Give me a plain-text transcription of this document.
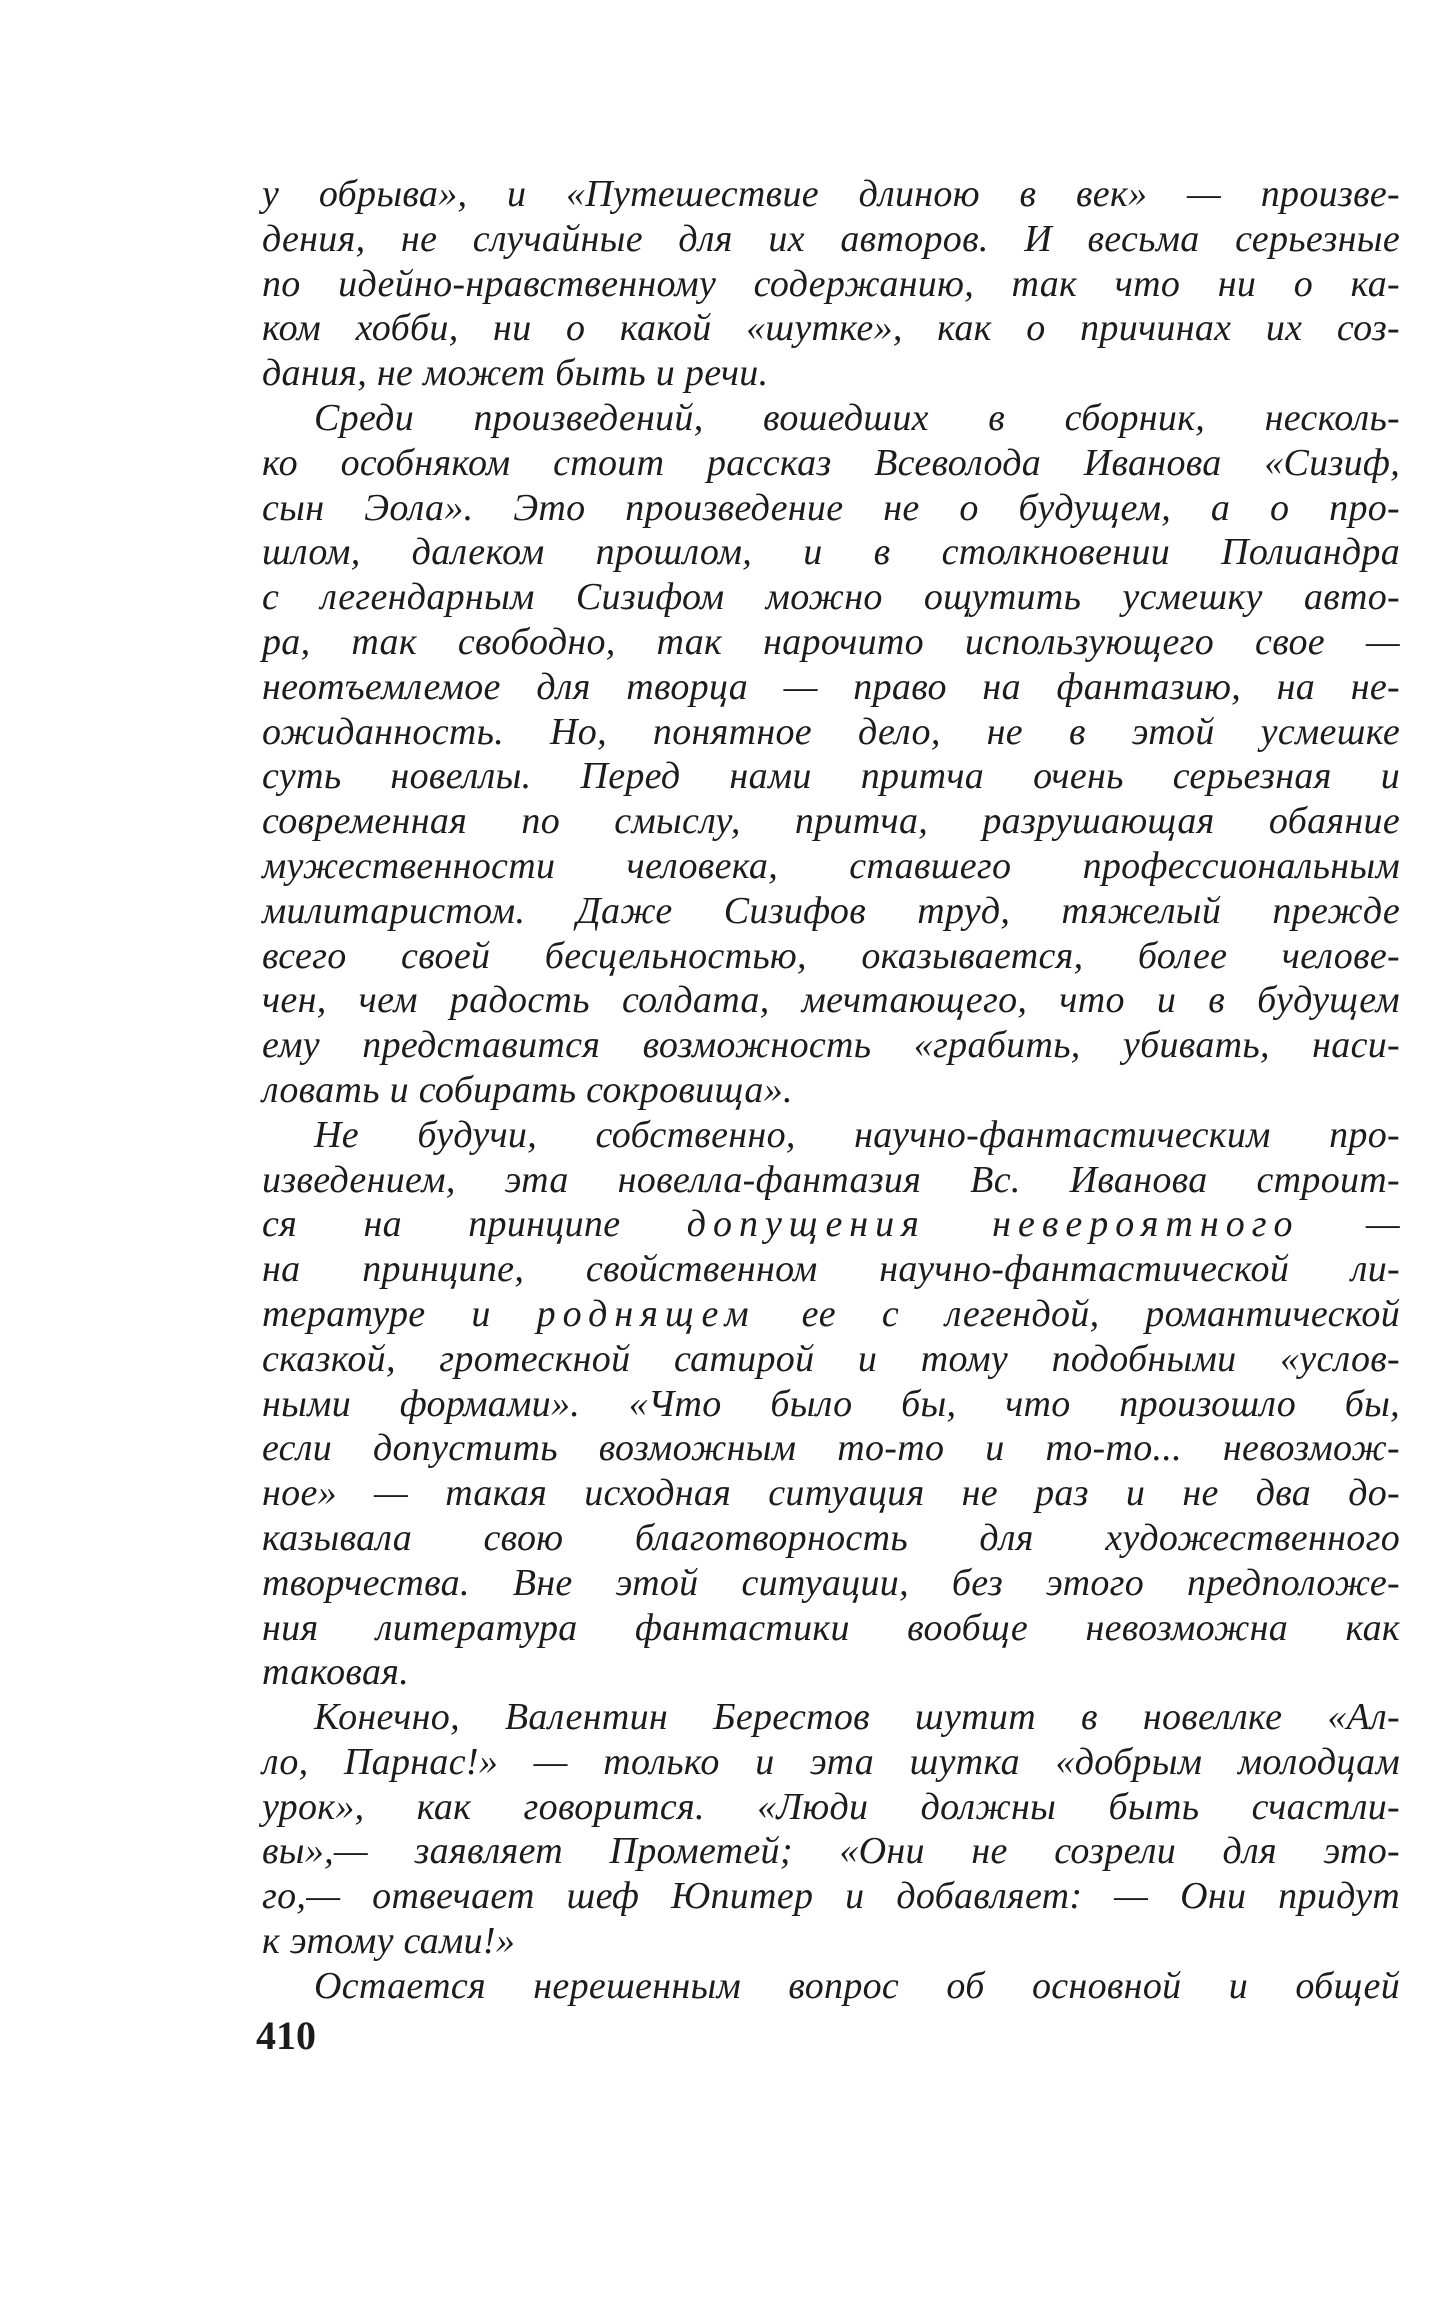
у обрыва», и «Путешествие длиною в век» — произве-
дения, не случайные для их авторов. И весьма серьезные
по идейно-нравственному содержанию, так что ни о ка-
ком хобби, ни о какой «шутке», как о причинах их соз-
дания, не может быть и речи.
Среди произведений, вошедших в сборник, несколь-
ко особняком стоит рассказ Всеволода Иванова «Сизиф,
сын Эола». Это произведение не о будущем, а о про-
шлом, далеком прошлом, и в столкновении Полиандра
с легендарным Сизифом можно ощутить усмешку авто-
ра, так свободно, так нарочито использующего свое —
неотъемлемое для творца — право на фантазию, на не-
ожиданность. Но, понятное дело, не в этой усмешке
суть новеллы. Перед нами притча очень серьезная и
современная по смыслу, притча, разрушающая обаяние
мужественности человека, ставшего профессиональным
милитаристом. Даже Сизифов труд, тяжелый прежде
всего своей бесцельностью, оказывается, более челове-
чен, чем радость солдата, мечтающего, что и в будущем
ему представится возможность «грабить, убивать, наси-
ловать и собирать сокровища».
Не будучи, собственно, научно-фантастическим про-
изведением, эта новелла-фантазия Вс. Иванова строит-
ся на принципе допущения невероятного —
на принципе, свойственном научно-фантастической ли-
тературе и роднящем ее с легендой, романтической
сказкой, гротескной сатирой и тому подобными «услов-
ными формами». «Что было бы, что произошло бы,
если допустить возможным то-то и то-то... невозмож-
ное» — такая исходная ситуация не раз и не два до-
казывала свою благотворность для художественного
творчества. Вне этой ситуации, без этого предположе-
ния литература фантастики вообще невозможна как
таковая.
Конечно, Валентин Берестов шутит в новеллке «Ал-
ло, Парнас!» — только и эта шутка «добрым молодцам
урок», как говорится. «Люди должны быть счастли-
вы»,— заявляет Прометей; «Они не созрели для это-
го,— отвечает шеф Юпитер и добавляет: — Они придут
к этому сами!»
Остается нерешенным вопрос об основной и общей
410
